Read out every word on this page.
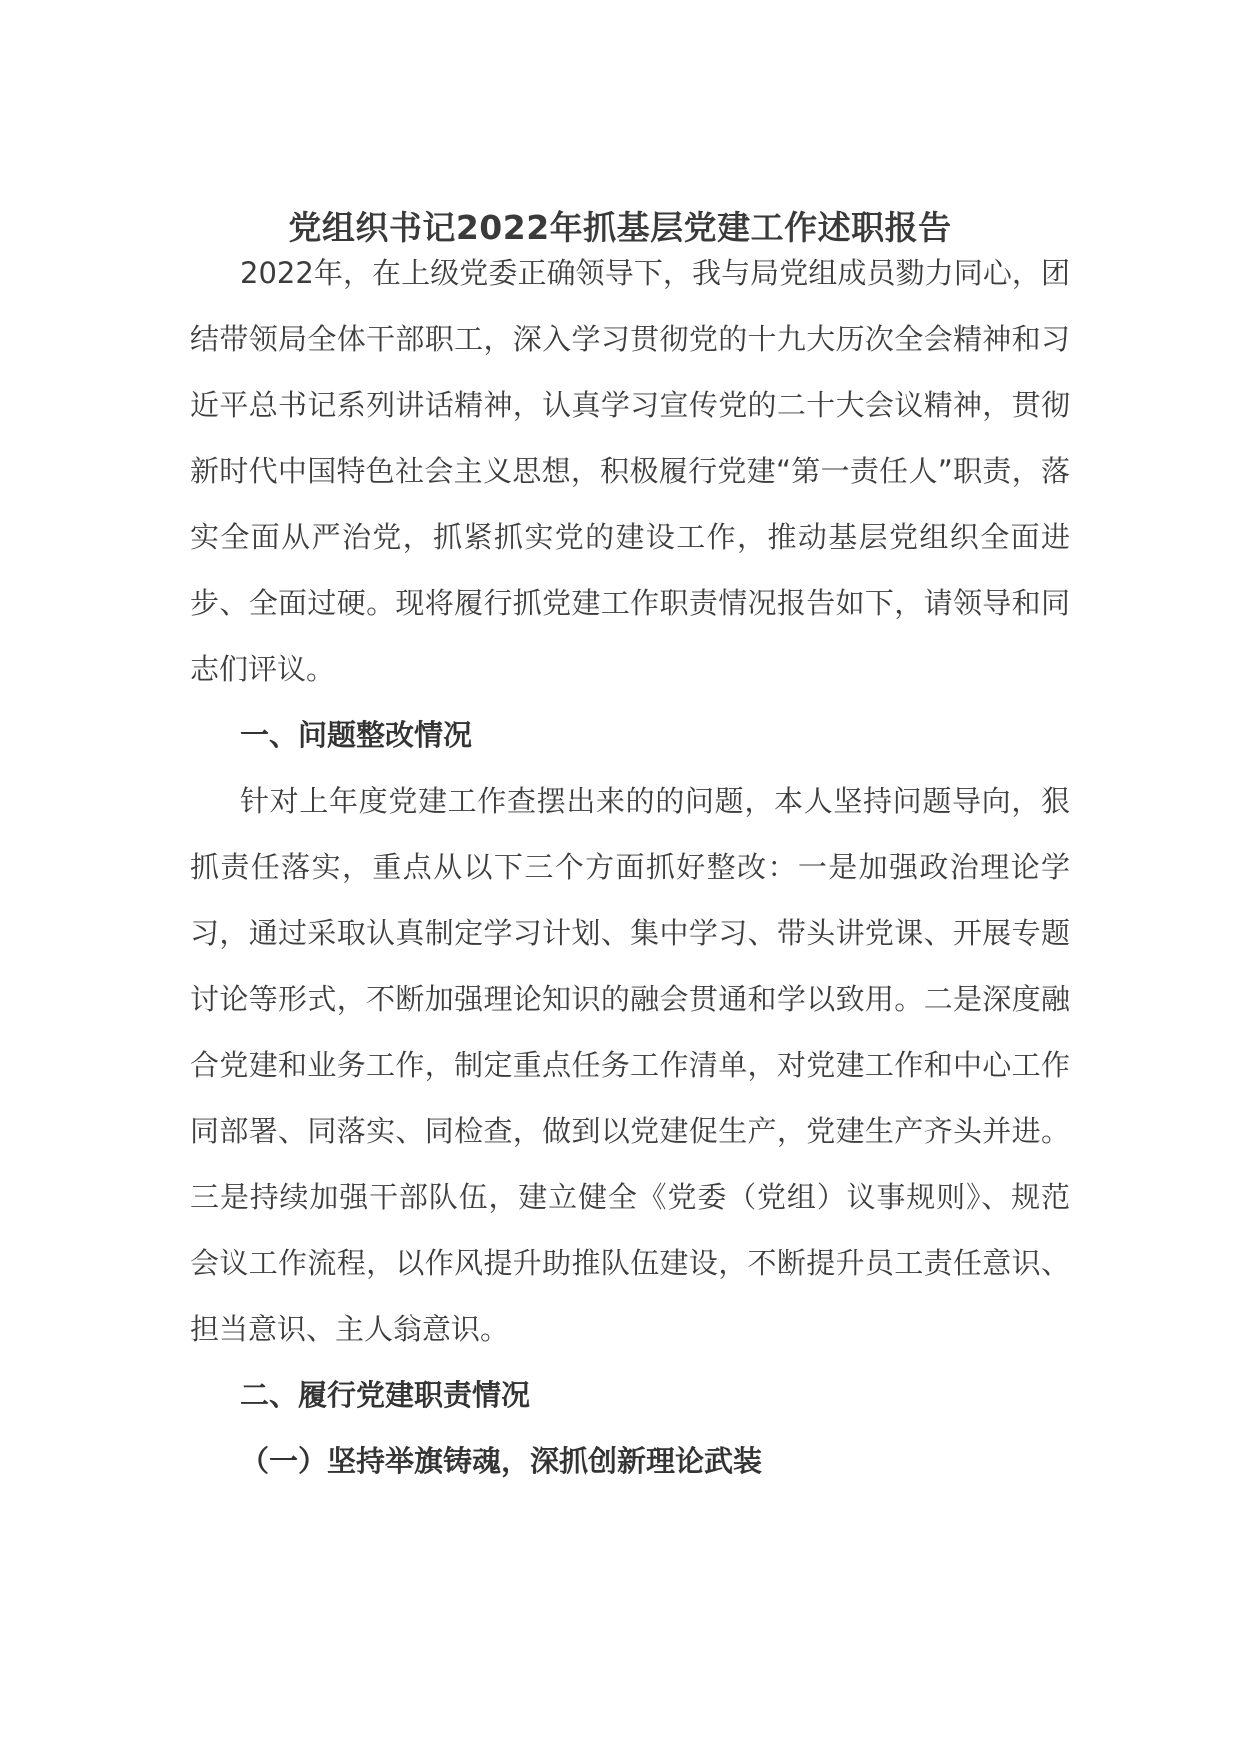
党组织书记2022年抓基层党建工作述职报告

2022年，在上级党委正确领导下，我与局党组成员勠力同心，团结带领局全体干部职工，深入学习贯彻党的十九大历次全会精神和习近平总书记系列讲话精神，认真学习宣传党的二十大会议精神，贯彻新时代中国特色社会主义思想，积极履行党建“第一责任人”职责，落实全面从严治党，抓紧抓实党的建设工作，推动基层党组织全面进步、全面过硬。现将履行抓党建工作职责情况报告如下，请领导和同志们评议。

一、问题整改情况

针对上年度党建工作查摆出来的的问题，本人坚持问题导向，狠抓责任落实，重点从以下三个方面抓好整改：一是加强政治理论学习，通过采取认真制定学习计划、集中学习、带头讲党课、开展专题讨论等形式，不断加强理论知识的融会贯通和学以致用。二是深度融合党建和业务工作，制定重点任务工作清单，对党建工作和中心工作同部署、同落实、同检查，做到以党建促生产，党建生产齐头并进。三是持续加强干部队伍，建立健全《党委（党组）议事规则》、规范会议工作流程，以作风提升助推队伍建设，不断提升员工责任意识、担当意识、主人翁意识。

二、履行党建职责情况

（一）坚持举旗铸魂，深抓创新理论武装
